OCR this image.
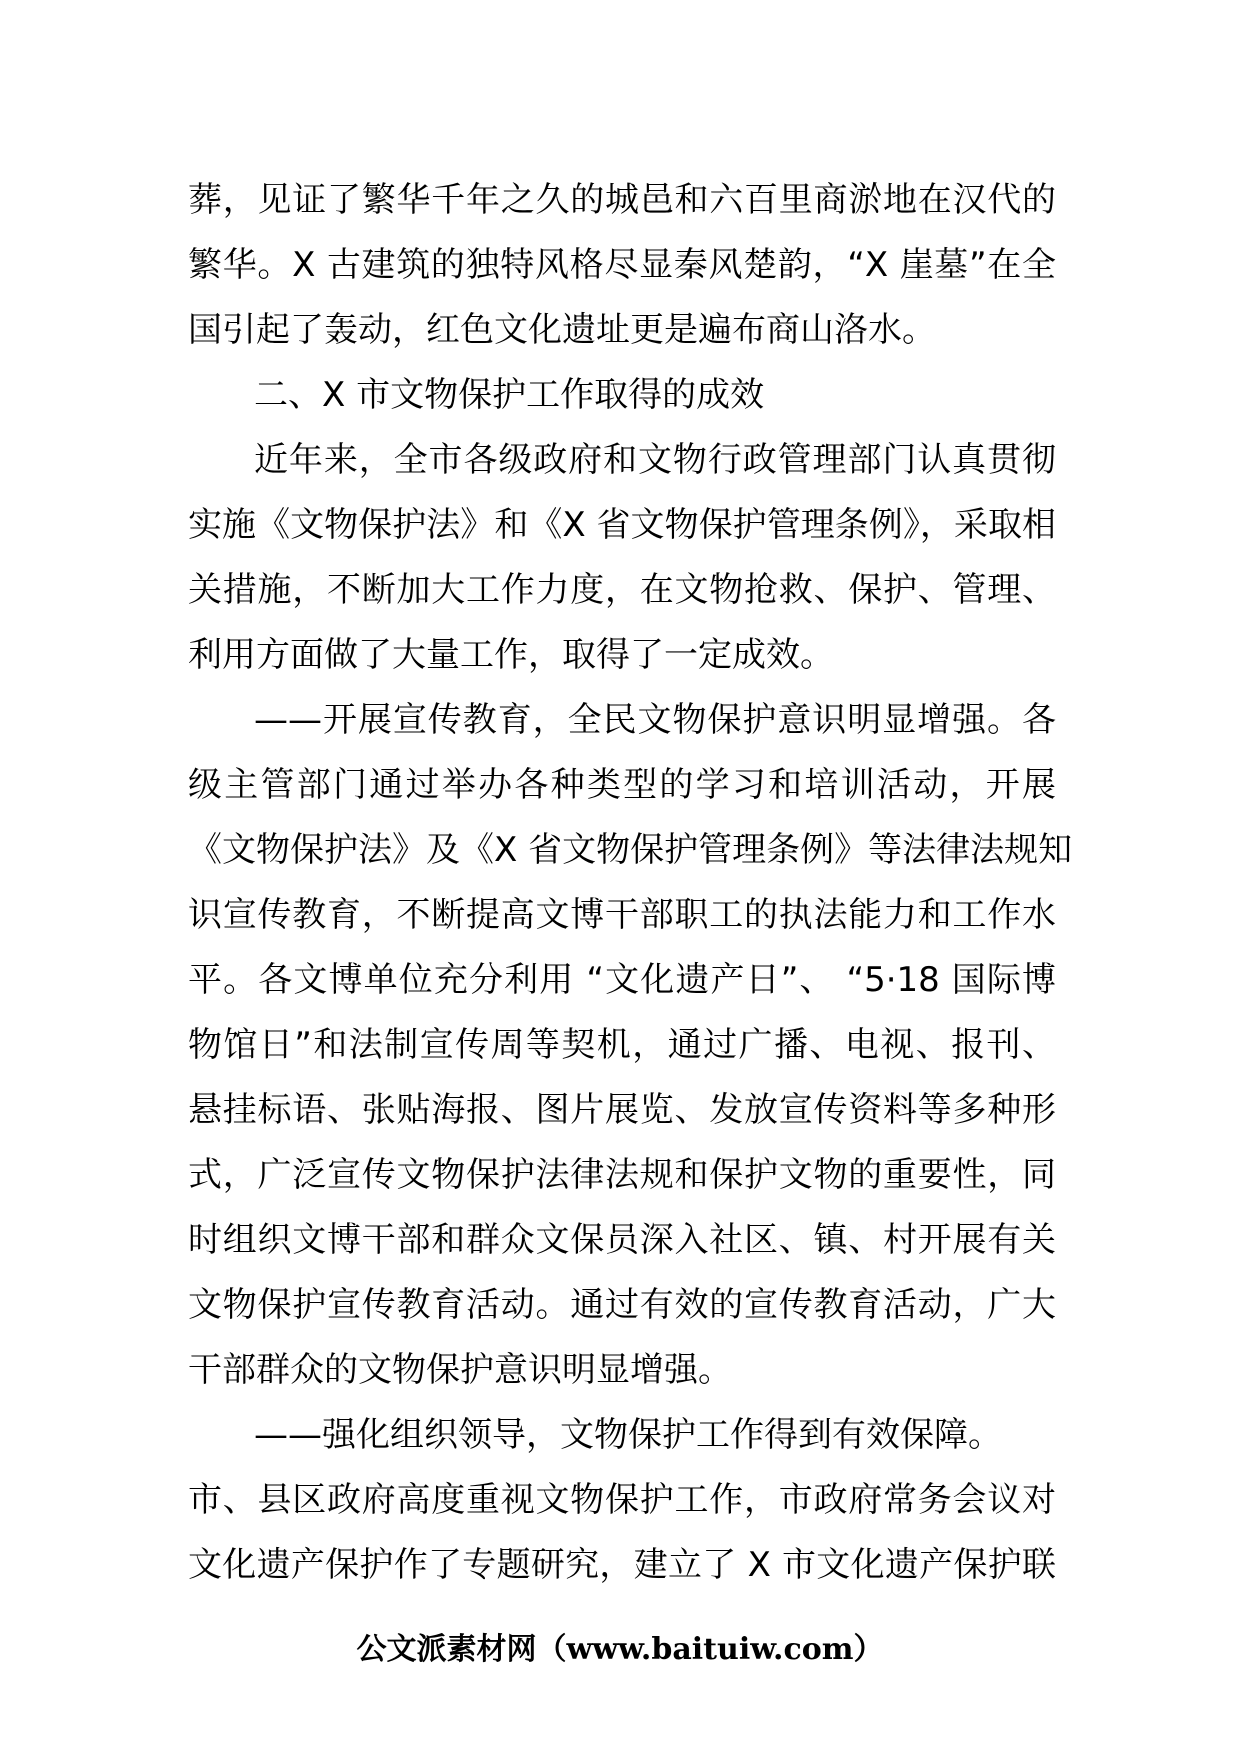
葬，见证了繁华千年之久的城邑和六百里商淤地在汉代的
繁华。X 古建筑的独特风格尽显秦风楚韵，“X 崖墓”在全
国引起了轰动，红色文化遗址更是遍布商山洛水。
二、X 市文物保护工作取得的成效
近年来，全市各级政府和文物行政管理部门认真贯彻
实施《文物保护法》和《X 省文物保护管理条例》，采取相
关措施，不断加大工作力度，在文物抢救、保护、管理、
利用方面做了大量工作，取得了一定成效。
——开展宣传教育，全民文物保护意识明显增强。各
级主管部门通过举办各种类型的学习和培训活动，开展
《文物保护法》及《X 省文物保护管理条例》等法律法规知
识宣传教育，不断提高文博干部职工的执法能力和工作水
平。各文博单位充分利用 “文化遗产日”、 “5·18 国际博
物馆日”和法制宣传周等契机，通过广播、电视、报刊、
悬挂标语、张贴海报、图片展览、发放宣传资料等多种形
式，广泛宣传文物保护法律法规和保护文物的重要性，同
时组织文博干部和群众文保员深入社区、镇、村开展有关
文物保护宣传教育活动。通过有效的宣传教育活动，广大
干部群众的文物保护意识明显增强。
——强化组织领导，文物保护工作得到有效保障。
市、县区政府高度重视文物保护工作，市政府常务会议对
文化遗产保护作了专题研究，建立了 X 市文化遗产保护联
公文派素材网（www.baituiw.com）
